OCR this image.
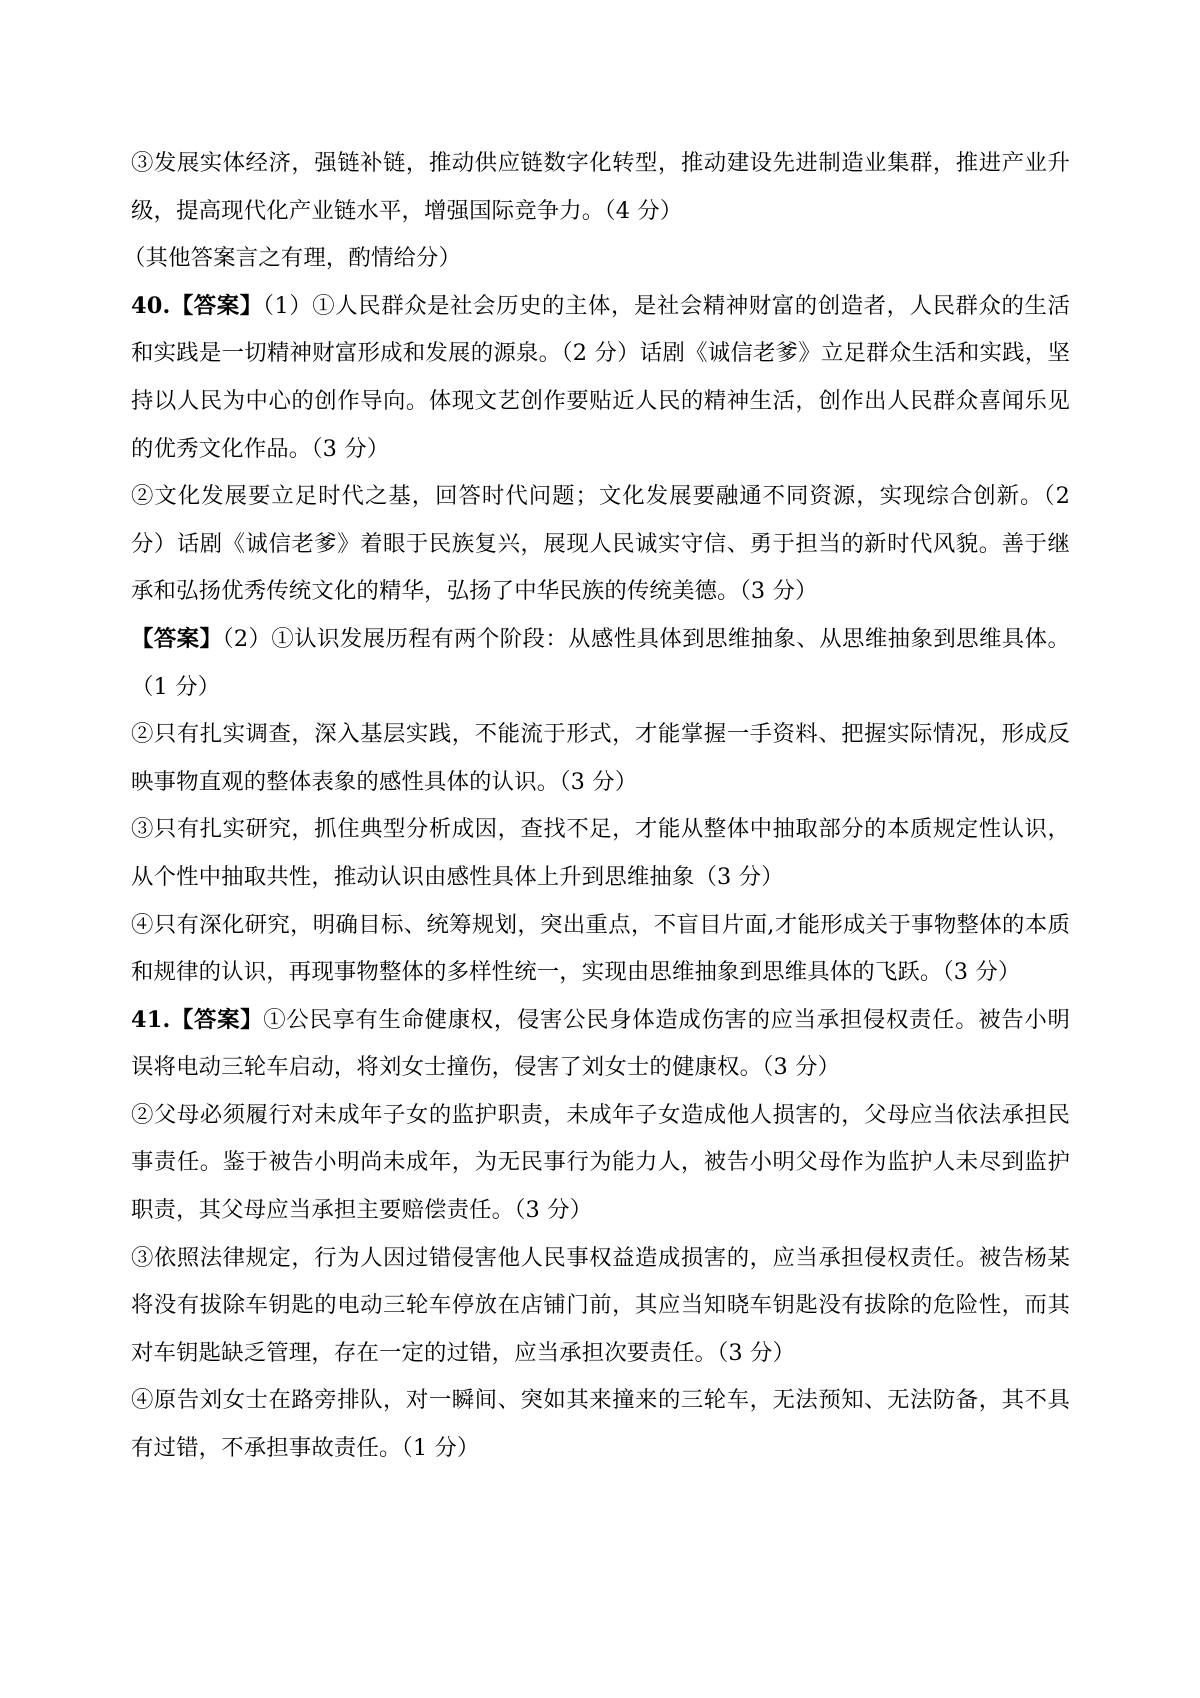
③发展实体经济，强链补链，推动供应链数字化转型，推动建设先进制造业集群，推进产业升级，提高现代化产业链水平，增强国际竞争力。（4 分）

（其他答案言之有理，酌情给分）

40.【答案】（1）①人民群众是社会历史的主体，是社会精神财富的创造者，人民群众的生活和实践是一切精神财富形成和发展的源泉。（2 分）话剧《诚信老爹》立足群众生活和实践，坚持以人民为中心的创作导向。体现文艺创作要贴近人民的精神生活，创作出人民群众喜闻乐见的优秀文化作品。（3 分）

②文化发展要立足时代之基，回答时代问题；文化发展要融通不同资源，实现综合创新。（2 分）话剧《诚信老爹》着眼于民族复兴，展现人民诚实守信、勇于担当的新时代风貌。善于继承和弘扬优秀传统文化的精华，弘扬了中华民族的传统美德。（3 分）

【答案】（2）①认识发展历程有两个阶段：从感性具体到思维抽象、从思维抽象到思维具体。（1 分）

②只有扎实调查，深入基层实践，不能流于形式，才能掌握一手资料、把握实际情况，形成反映事物直观的整体表象的感性具体的认识。（3 分）

③只有扎实研究，抓住典型分析成因，查找不足，才能从整体中抽取部分的本质规定性认识，从个性中抽取共性，推动认识由感性具体上升到思维抽象（3 分）

④只有深化研究，明确目标、统筹规划，突出重点，不盲目片面,才能形成关于事物整体的本质和规律的认识，再现事物整体的多样性统一，实现由思维抽象到思维具体的飞跃。（3 分）

41.【答案】①公民享有生命健康权，侵害公民身体造成伤害的应当承担侵权责任。被告小明误将电动三轮车启动，将刘女士撞伤，侵害了刘女士的健康权。（3 分）

②父母必须履行对未成年子女的监护职责，未成年子女造成他人损害的，父母应当依法承担民事责任。鉴于被告小明尚未成年，为无民事行为能力人，被告小明父母作为监护人未尽到监护职责，其父母应当承担主要赔偿责任。（3 分）

③依照法律规定，行为人因过错侵害他人民事权益造成损害的，应当承担侵权责任。被告杨某将没有拔除车钥匙的电动三轮车停放在店铺门前，其应当知晓车钥匙没有拔除的危险性，而其对车钥匙缺乏管理，存在一定的过错，应当承担次要责任。（3 分）

④原告刘女士在路旁排队，对一瞬间、突如其来撞来的三轮车，无法预知、无法防备，其不具有过错，不承担事故责任。（1 分）
